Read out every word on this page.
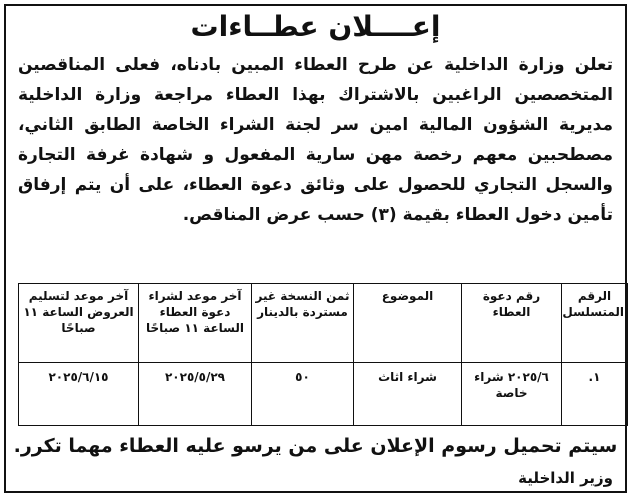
إعــــلان عطــاءات
تعلن وزارة الداخلية عن طرح العطاء المبين بادناه، فعلى المناقصين المتخصصين الراغبين بالاشتراك بهذا العطاء مراجعة وزارة الداخلية مديرية الشؤون المالية امين سر لجنة الشراء الخاصة الطابق الثاني، مصطحبين معهم رخصة مهن سارية المفعول و شهادة غرفة التجارة والسجل التجاري للحصول على وثائق دعوة العطاء، على أن يتم إرفاق تأمين دخول العطاء بقيمة (٣) حسب عرض المناقص.
الرقم المتسلسل	رقم دعوة العطاء	الموضوع	ثمن النسخة غير مستردة بالدينار	آخر موعد لشراء دعوة العطاء الساعة ١١ صباحًا	آخر موعد لتسليم العروض الساعة ١١ صباحًا
١.	٢٠٢٥/٦ شراء خاصة	شراء اثاث	٥٠	٢٠٢٥/٥/٢٩	٢٠٢٥/٦/١٥
سيتم تحميل رسوم الإعلان على من يرسو عليه العطاء مهما تكرر.
وزير الداخلية
